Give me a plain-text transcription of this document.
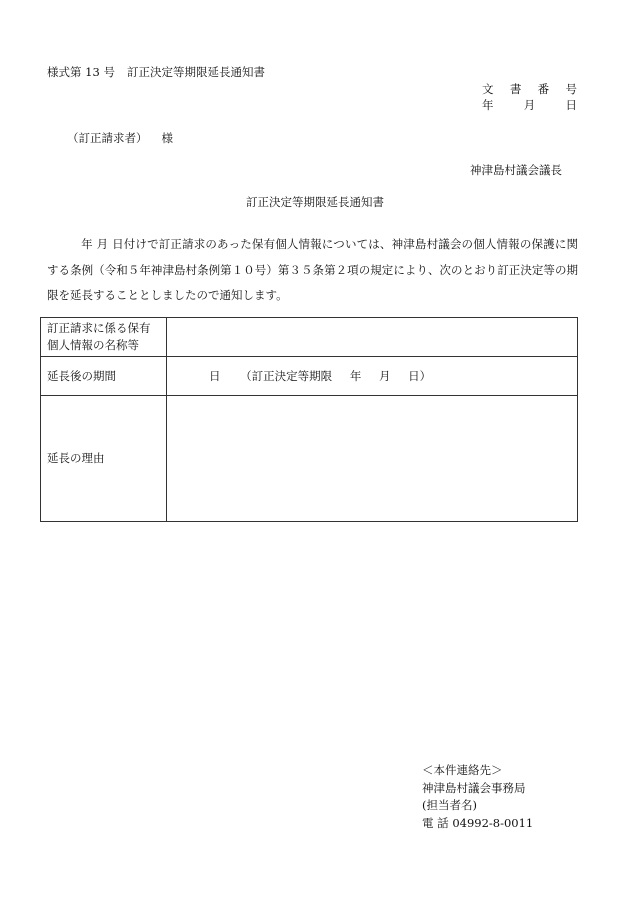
様式第 13 号 訂正決定等期限延長通知書
文 書 番 号
年	月	日
（訂正請求者） 様
神津島村議会議長
訂正決定等期限延長通知書

年 月 日付けで訂正請求のあった保有個人情報については、神津島村議会の個人情報の保護に関する条例（令和５年神津島村条例第１０号）第３５条第２項の規定により、次のとおり訂正決定等の期限を延長することとしましたので通知します。

訂正請求に係る保有個人情報の名称等	
延長後の期間	日 （訂正決定等期限 年 月 日）
延長の理由	
＜本件連絡先＞
神津島村議会事務局
(担当者名)
電 話 04992-8-0011
